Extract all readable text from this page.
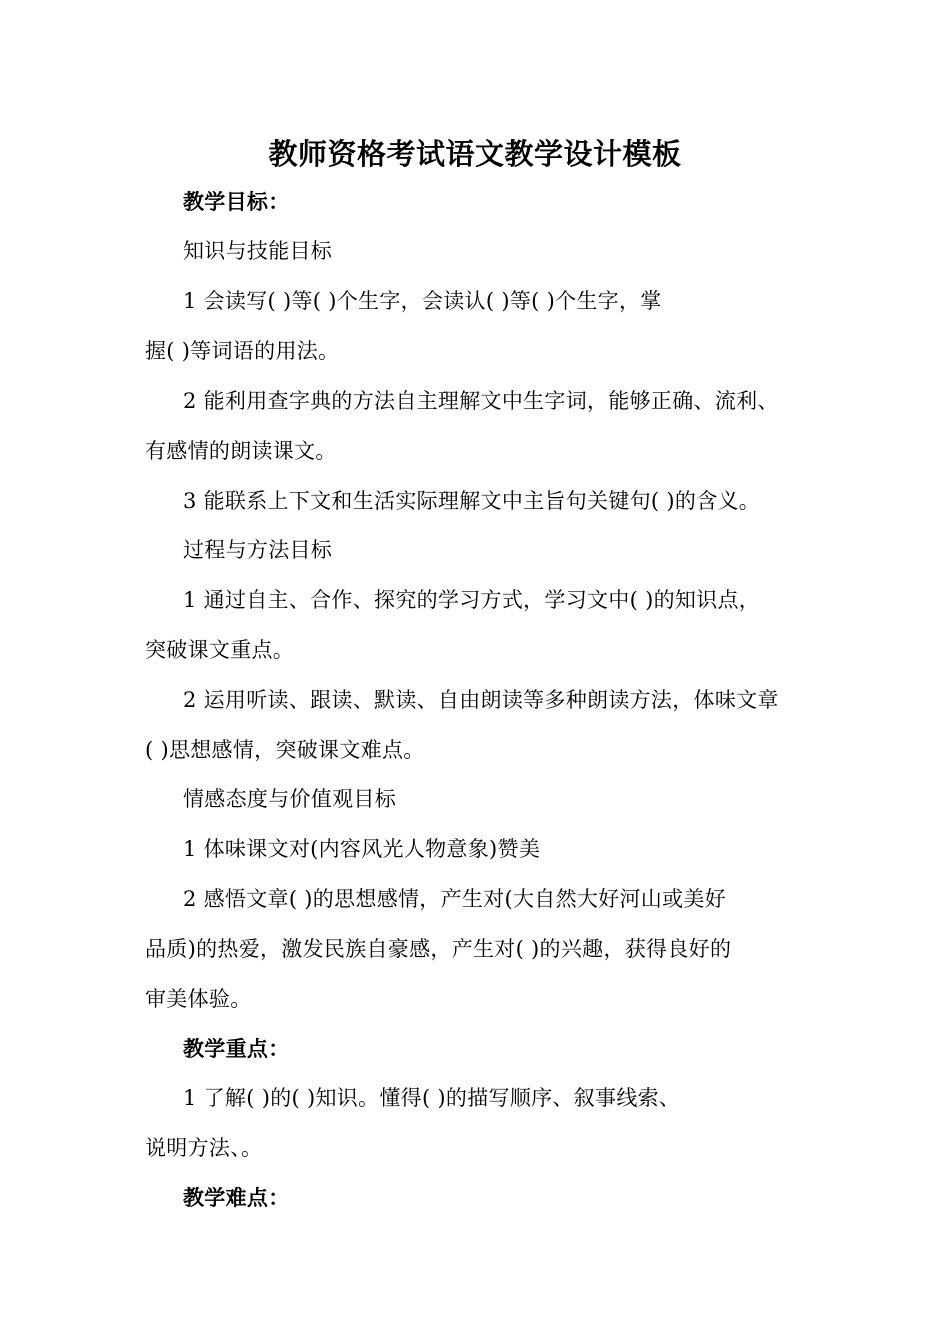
教师资格考试语文教学设计模板
教学目标：
知识与技能目标
1 会读写( )等( )个生字，会读认( )等( )个生字，掌
握( )等词语的用法。
2 能利用查字典的方法自主理解文中生字词，能够正确、流利、
有感情的朗读课文。
3 能联系上下文和生活实际理解文中主旨句关键句( )的含义。
过程与方法目标
1 通过自主、合作、探究的学习方式，学习文中( )的知识点，
突破课文重点。
2 运用听读、跟读、默读、自由朗读等多种朗读方法，体味文章
( )思想感情，突破课文难点。
情感态度与价值观目标
1 体味课文对(内容风光人物意象)赞美
2 感悟文章( )的思想感情，产生对(大自然大好河山或美好
品质)的热爱，激发民族自豪感，产生对( )的兴趣，获得良好的
审美体验。
教学重点：
1 了解( )的( )知识。懂得( )的描写顺序、叙事线索、
说明方法、。
教学难点：
